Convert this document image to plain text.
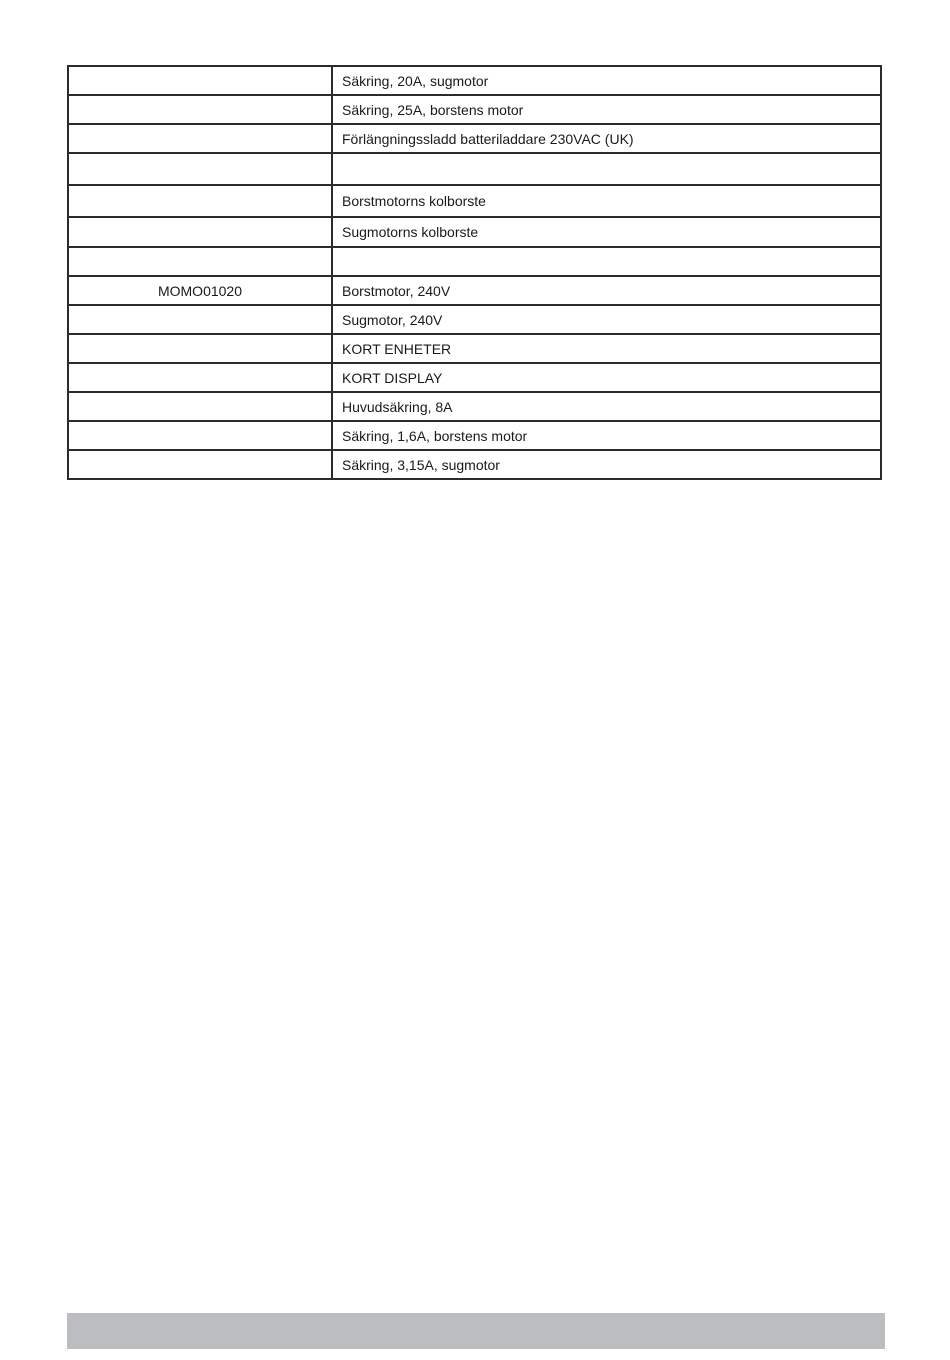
	Säkring, 20A, sugmotor
	Säkring, 25A, borstens motor
	Förlängningssladd batteriladdare 230VAC (UK)

	Borstmotorns kolborste
	Sugmotorns kolborste

MOMO01020	Borstmotor, 240V
	Sugmotor, 240V
	KORT ENHETER
	KORT DISPLAY
	Huvudsäkring, 8A
	Säkring, 1,6A, borstens motor
	Säkring, 3,15A, sugmotor
